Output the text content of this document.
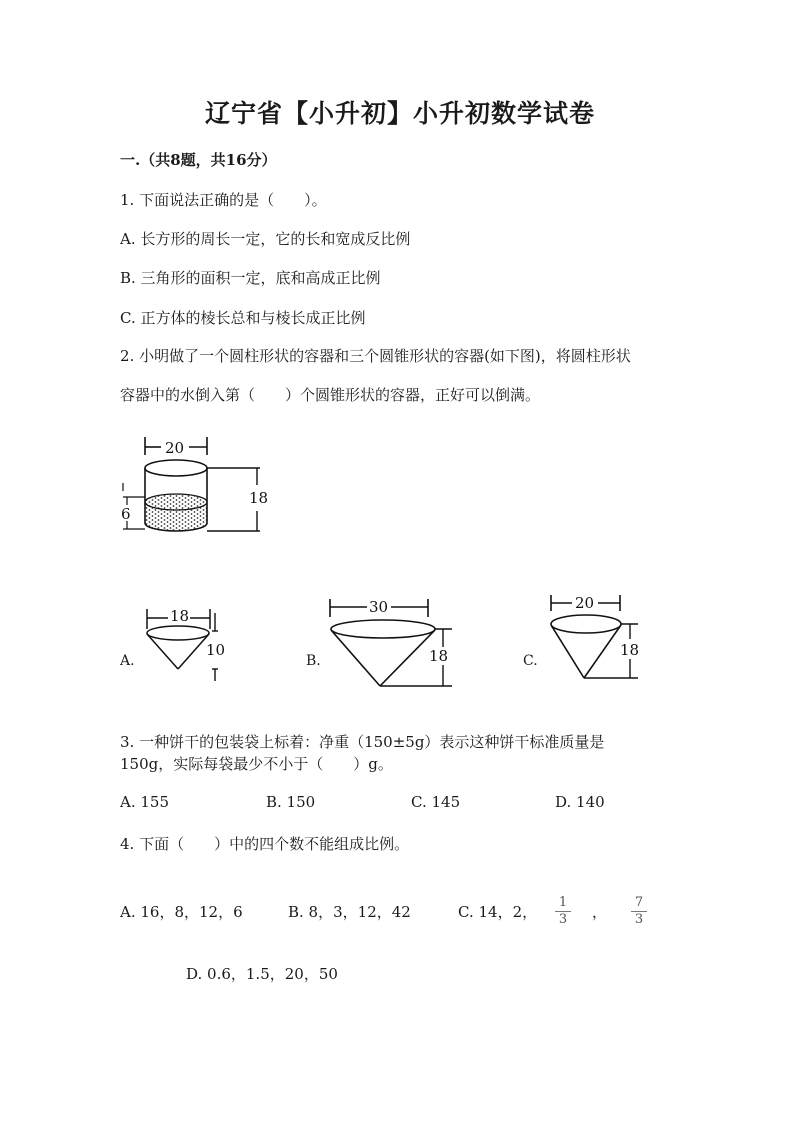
辽宁省【小升初】小升初数学试卷
一.（共8题，共16分）
1. 下面说法正确的是（　　）。
A. 长方形的周长一定，它的长和宽成反比例
B. 三角形的面积一定，底和高成正比例
C. 正方体的棱长总和与棱长成正比例
2. 小明做了一个圆柱形状的容器和三个圆锥形状的容器(如下图)，将圆柱形状
容器中的水倒入第（　　）个圆锥形状的容器，正好可以倒满。
20
18
6
A.
18
10
B.
30
18	C.
20
18
3. 一种饼干的包装袋上标着：净重（150±5g）表示这种饼干标准质量是
150g，实际每袋最少不小于（　　）g。
A. 155	B. 150	C. 145	D. 140
4. 下面（　　）中的四个数不能组成比例。
A. 16，8，12，6	B. 8，3，12，42	C. 14，2，
1
3 ，
7
3
D. 0.6，1.5，20，50
